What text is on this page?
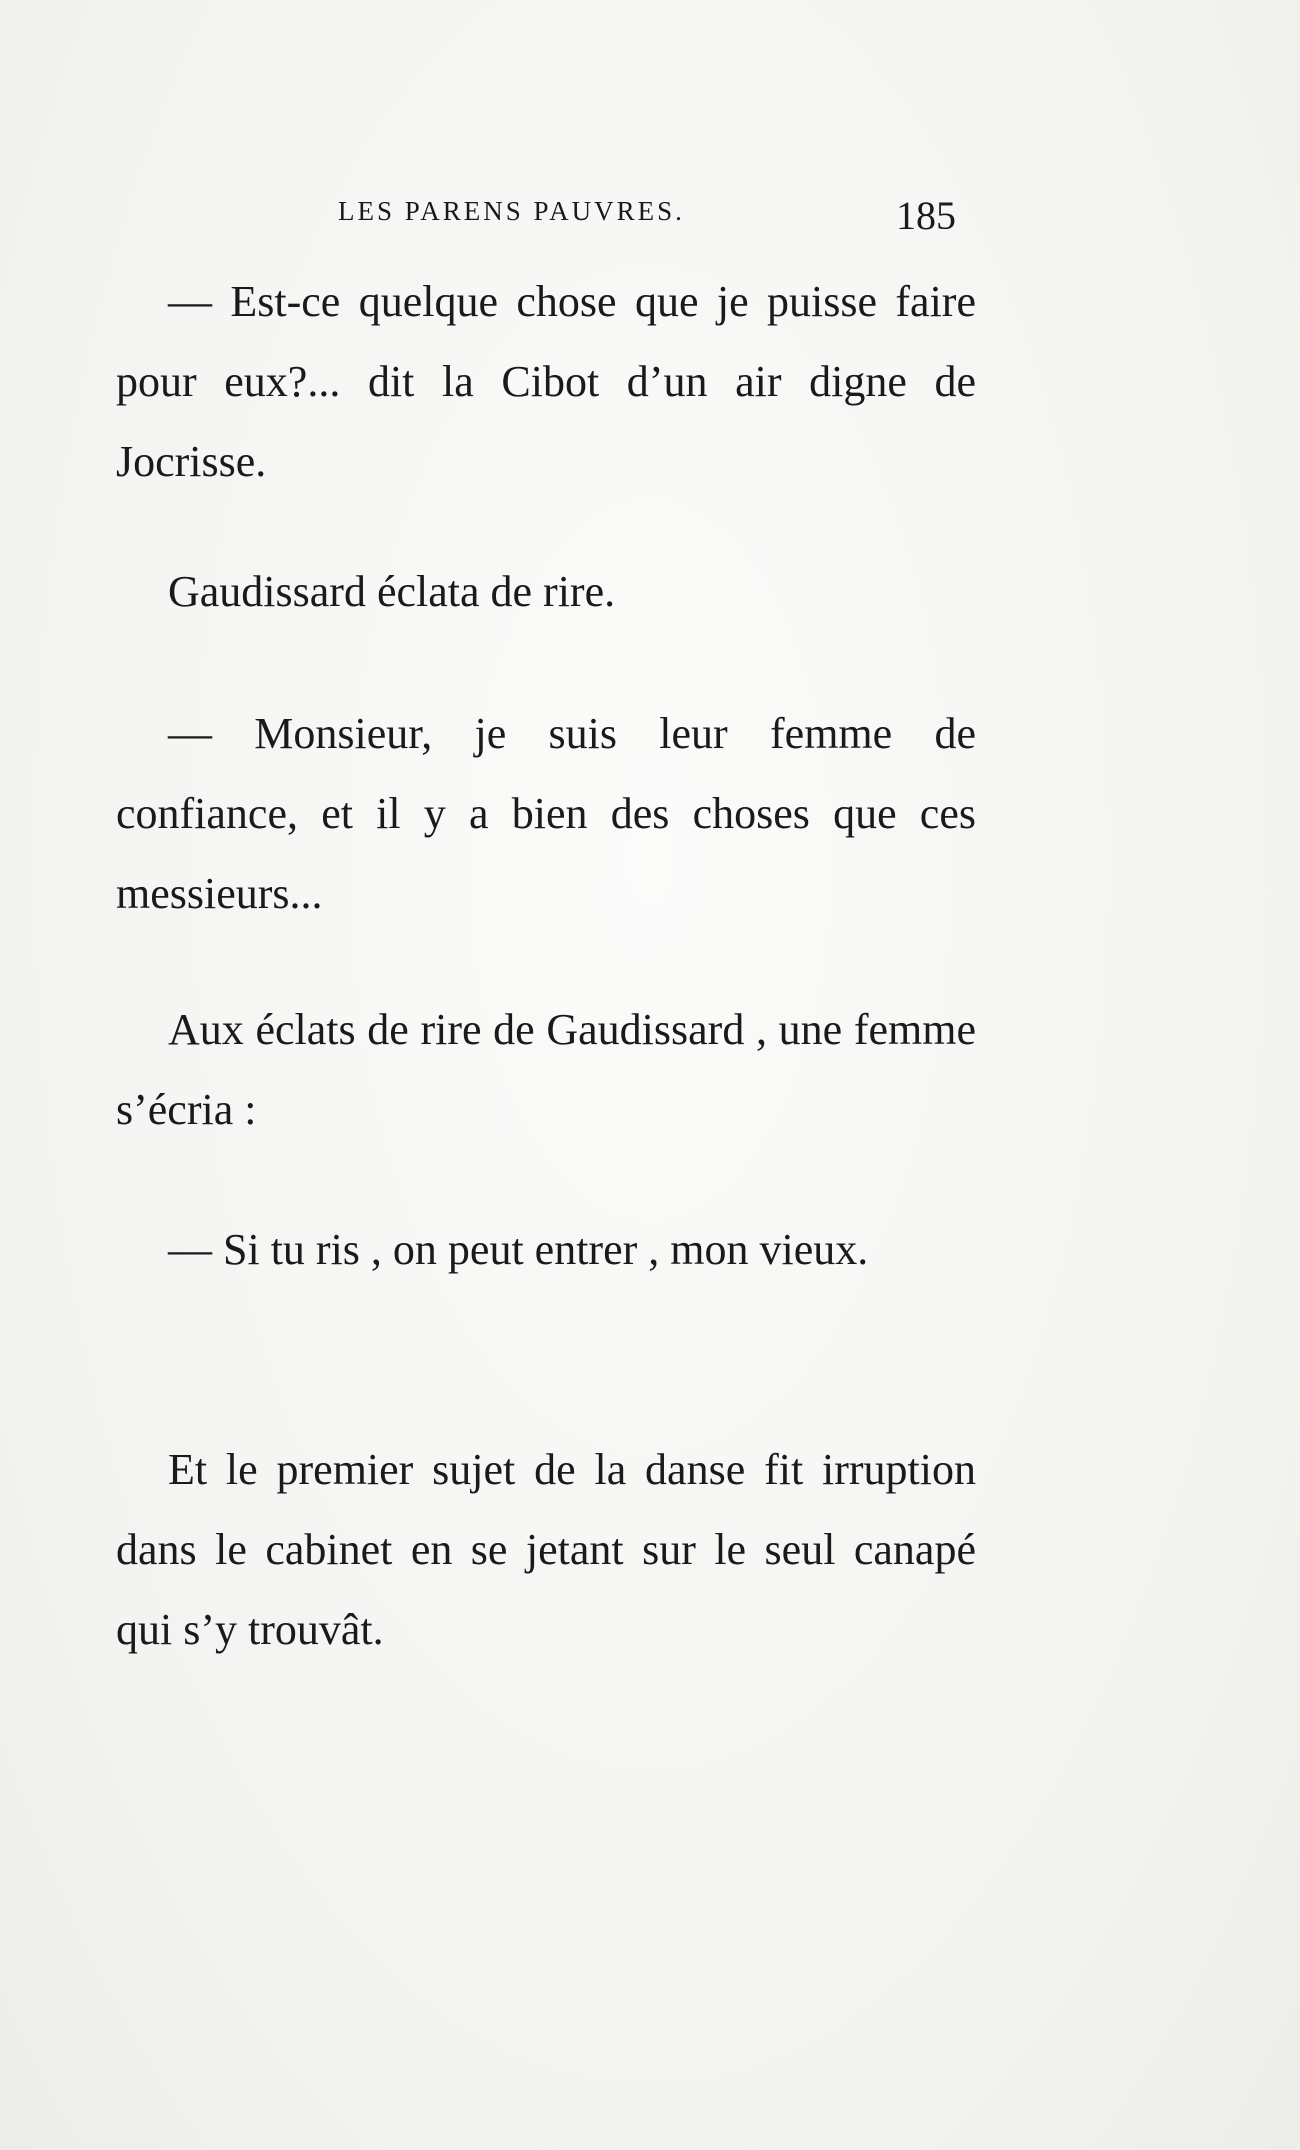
LES PARENS PAUVRES.	185

— Est-ce quelque chose que je puisse faire pour eux?... dit la Cibot d’un air digne de Jocrisse.

Gaudissard éclata de rire.

— Monsieur, je suis leur femme de confiance, et il y a bien des choses que ces messieurs...

Aux éclats de rire de Gaudissard , une femme s’écria :

— Si tu ris , on peut entrer , mon vieux.

Et le premier sujet de la danse fit irruption dans le cabinet en se jetant sur le seul canapé qui s’y trouvât.
